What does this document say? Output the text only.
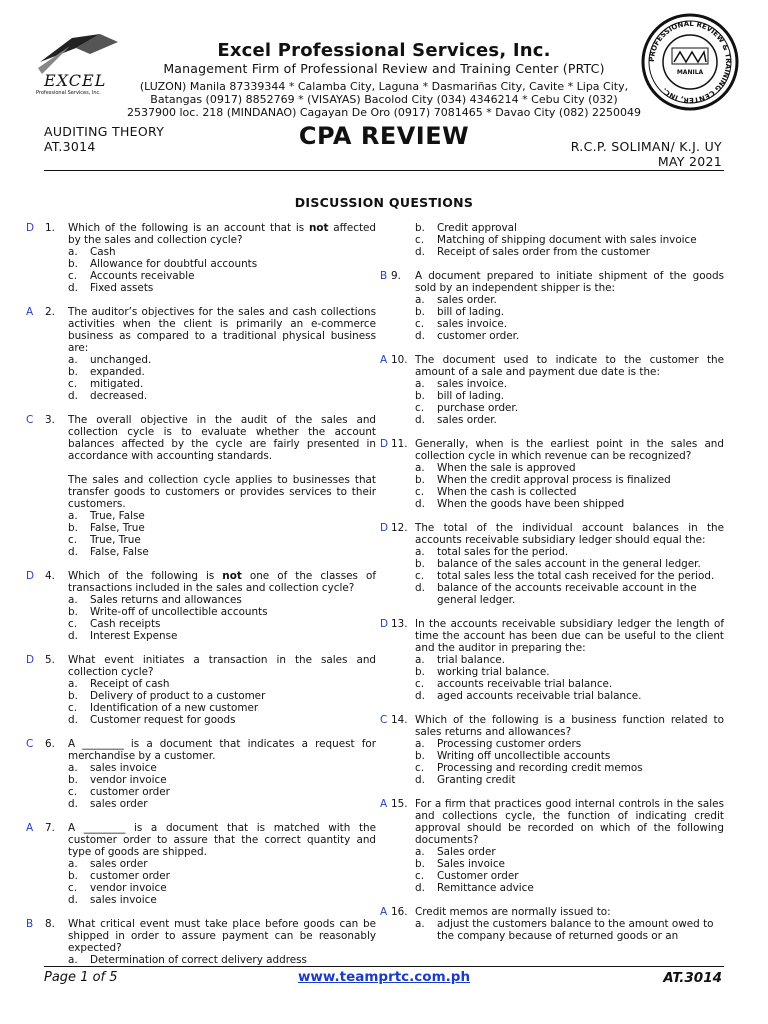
EXCEL
Professional Services, Inc.
PROFESSIONAL REVIEW & TRAINING CENTER, INC.
MANILA
Excel Professional Services, Inc.
Management Firm of Professional Review and Training Center (PRTC)
(LUZON) Manila 87339344 * Calamba City, Laguna * Dasmariñas City, Cavite * Lipa City,
Batangas (0917) 8852769 * (VISAYAS) Bacolod City (034) 4346214 * Cebu City (032)
2537900 loc. 218 (MINDANAO) Cagayan De Oro (0917) 7081465 * Davao City (082) 2250049
AUDITING THEORY
AT.3014	CPA REVIEW	R.C.P. SOLIMAN/ K.J. UY
MAY 2021
DISCUSSION QUESTIONS
D 1. Which of the following is an account that is not affected by the sales and collection cycle?
a.	Cash
b.	Allowance for doubtful accounts
c.	Accounts receivable
d.	Fixed assets
A 2. The auditor’s objectives for the sales and cash collections activities when the client is primarily an e-commerce business as compared to a traditional physical business are:
a.	unchanged.
b.	expanded.
c.	mitigated.
d.	decreased.
C 3. The overall objective in the audit of the sales and collection cycle is to evaluate whether the account balances affected by the cycle are fairly presented in accordance with accounting standards.
The sales and collection cycle applies to businesses that transfer goods to customers or provides services to their customers.
a.	True, False
b.	False, True
c.	True, True
d.	False, False
D 4. Which of the following is not one of the classes of transactions included in the sales and collection cycle?
a.	Sales returns and allowances
b.	Write-off of uncollectible accounts
c.	Cash receipts
d.	Interest Expense
D 5. What event initiates a transaction in the sales and collection cycle?
a.	Receipt of cash
b.	Delivery of product to a customer
c.	Identification of a new customer
d.	Customer request for goods
C 6. A ________ is a document that indicates a request for merchandise by a customer.
a.	sales invoice
b.	vendor invoice
c.	customer order
d.	sales order
A 7. A ________ is a document that is matched with the customer order to assure that the correct quantity and type of goods are shipped.
a.	sales order
b.	customer order
c.	vendor invoice
d.	sales invoice
B 8. What critical event must take place before goods can be shipped in order to assure payment can be reasonably expected?
a.	Determination of correct delivery address
b.	Credit approval
c.	Matching of shipping document with sales invoice
d.	Receipt of sales order from the customer
B 9. A document prepared to initiate shipment of the goods sold by an independent shipper is the:
a.	sales order.
b.	bill of lading.
c.	sales invoice.
d.	customer order.
A 10. The document used to indicate to the customer the amount of a sale and payment due date is the:
a.	sales invoice.
b.	bill of lading.
c.	purchase order.
d.	sales order.
D 11. Generally, when is the earliest point in the sales and collection cycle in which revenue can be recognized?
a.	When the sale is approved
b.	When the credit approval process is finalized
c.	When the cash is collected
d.	When the goods have been shipped
D 12. The total of the individual account balances in the accounts receivable subsidiary ledger should equal the:
a.	total sales for the period.
b.	balance of the sales account in the general ledger.
c.	total sales less the total cash received for the period.
d.	balance of the accounts receivable account in the general ledger.
D 13. In the accounts receivable subsidiary ledger the length of time the account has been due can be useful to the client and the auditor in preparing the:
a.	trial balance.
b.	working trial balance.
c.	accounts receivable trial balance.
d.	aged accounts receivable trial balance.
C 14. Which of the following is a business function related to sales returns and allowances?
a.	Processing customer orders
b.	Writing off uncollectible accounts
c.	Processing and recording credit memos
d.	Granting credit
A 15. For a firm that practices good internal controls in the sales and collections cycle, the function of indicating credit approval should be recorded on which of the following documents?
a.	Sales order
b.	Sales invoice
c.	Customer order
d.	Remittance advice
A 16. Credit memos are normally issued to:
a.	adjust the customers balance to the amount owed to the company because of returned goods or an
Page 1 of 5	www.teamprtc.com.ph	AT.3014
